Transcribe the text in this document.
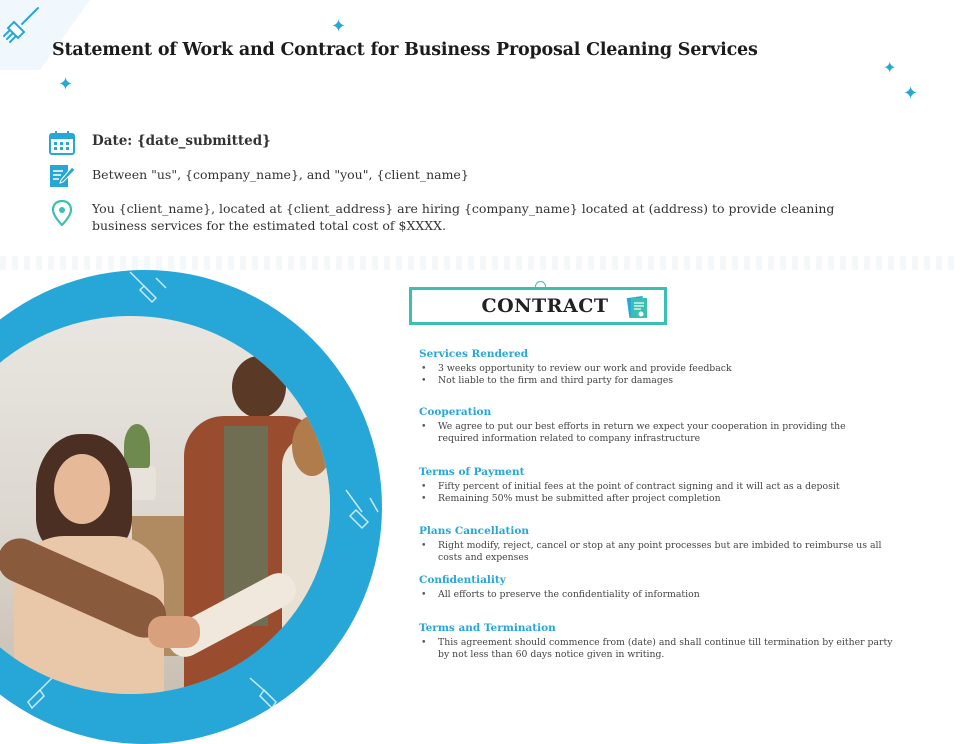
✦
✦
✦
✦
Statement of Work and Contract for Business Proposal Cleaning Services
Date: {date_submitted}
Between "us", {company_name}, and "you", {client_name}
You {client_name}, located at {client_address} are hiring {company_name} located at (address) to provide cleaning business services for the estimated total cost of $XXXX.
CONTRACT
Services Rendered
• 3 weeks opportunity to review our work and provide feedback
• Not liable to the firm and third party for damages
Cooperation
• We agree to put our best efforts in return we expect your cooperation in providing the required information related to company infrastructure
Terms of Payment
• Fifty percent of initial fees at the point of contract signing and it will act as a deposit
• Remaining 50% must be submitted after project completion
Plans Cancellation
• Right modify, reject, cancel or stop at any point processes but are imbided to reimburse us all costs and expenses
Confidentiality
• All efforts to preserve the confidentiality of information
Terms and Termination
• This agreement should commence from (date) and shall continue till termination by either party by not less than 60 days notice given in writing.
